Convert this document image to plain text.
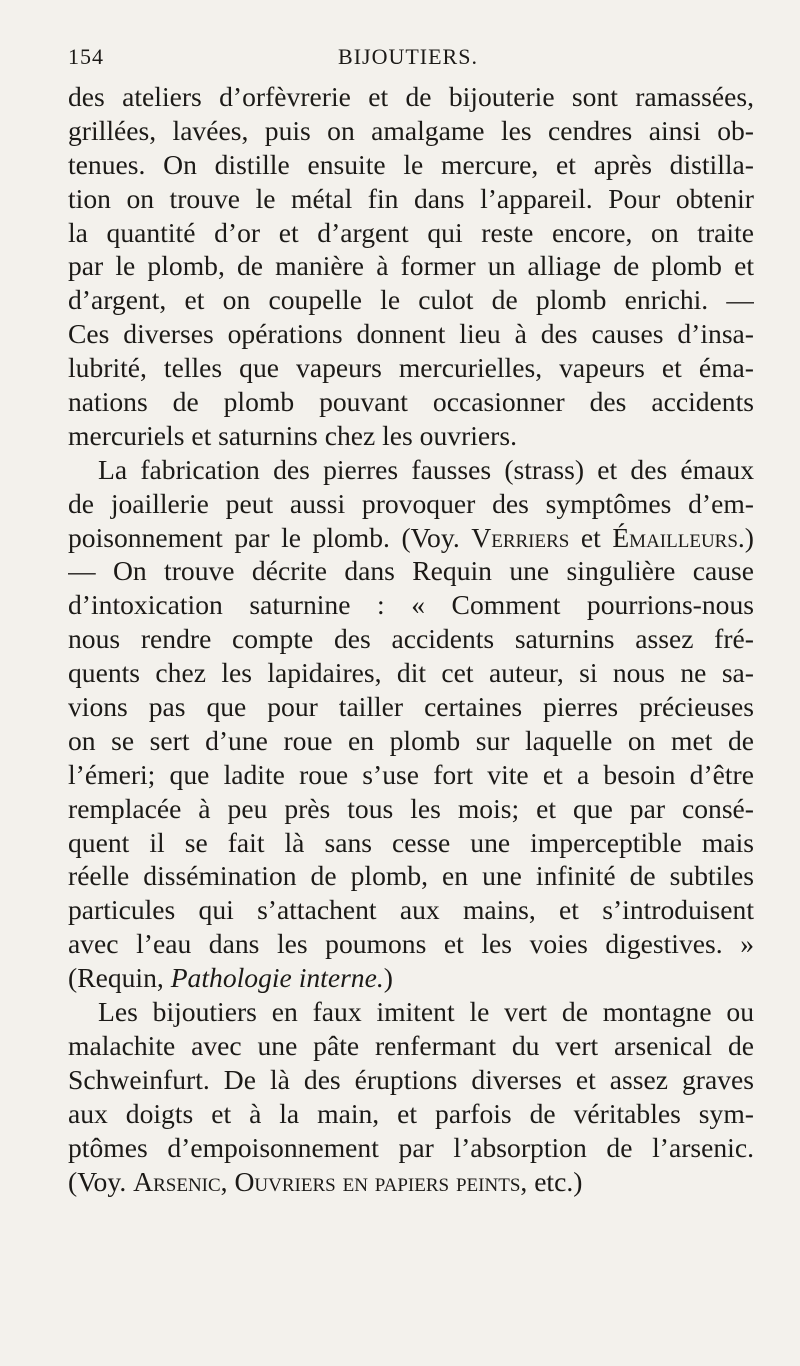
154	BIJOUTIERS.
des ateliers d’orfèvrerie et de bijouterie sont ramassées,
grillées, lavées, puis on amalgame les cendres ainsi ob-
tenues. On distille ensuite le mercure, et après distilla-
tion on trouve le métal fin dans l’appareil. Pour obtenir
la quantité d’or et d’argent qui reste encore, on traite
par le plomb, de manière à former un alliage de plomb et
d’argent, et on coupelle le culot de plomb enrichi. —
Ces diverses opérations donnent lieu à des causes d’insa-
lubrité, telles que vapeurs mercurielles, vapeurs et éma-
nations de plomb pouvant occasionner des accidents
mercuriels et saturnins chez les ouvriers.
La fabrication des pierres fausses (strass) et des émaux
de joaillerie peut aussi provoquer des symptômes d’em-
poisonnement par le plomb. (Voy. Verriers et Émailleurs.)
— On trouve décrite dans Requin une singulière cause
d’intoxication saturnine : « Comment pourrions-nous
nous rendre compte des accidents saturnins assez fré-
quents chez les lapidaires, dit cet auteur, si nous ne sa-
vions pas que pour tailler certaines pierres précieuses
on se sert d’une roue en plomb sur laquelle on met de
l’émeri; que ladite roue s’use fort vite et a besoin d’être
remplacée à peu près tous les mois; et que par consé-
quent il se fait là sans cesse une imperceptible mais
réelle dissémination de plomb, en une infinité de subtiles
particules qui s’attachent aux mains, et s’introduisent
avec l’eau dans les poumons et les voies digestives. »
(Requin, Pathologie interne.)
Les bijoutiers en faux imitent le vert de montagne ou
malachite avec une pâte renfermant du vert arsenical de
Schweinfurt. De là des éruptions diverses et assez graves
aux doigts et à la main, et parfois de véritables sym-
ptômes d’empoisonnement par l’absorption de l’arsenic.
(Voy. Arsenic, Ouvriers en papiers peints, etc.)
